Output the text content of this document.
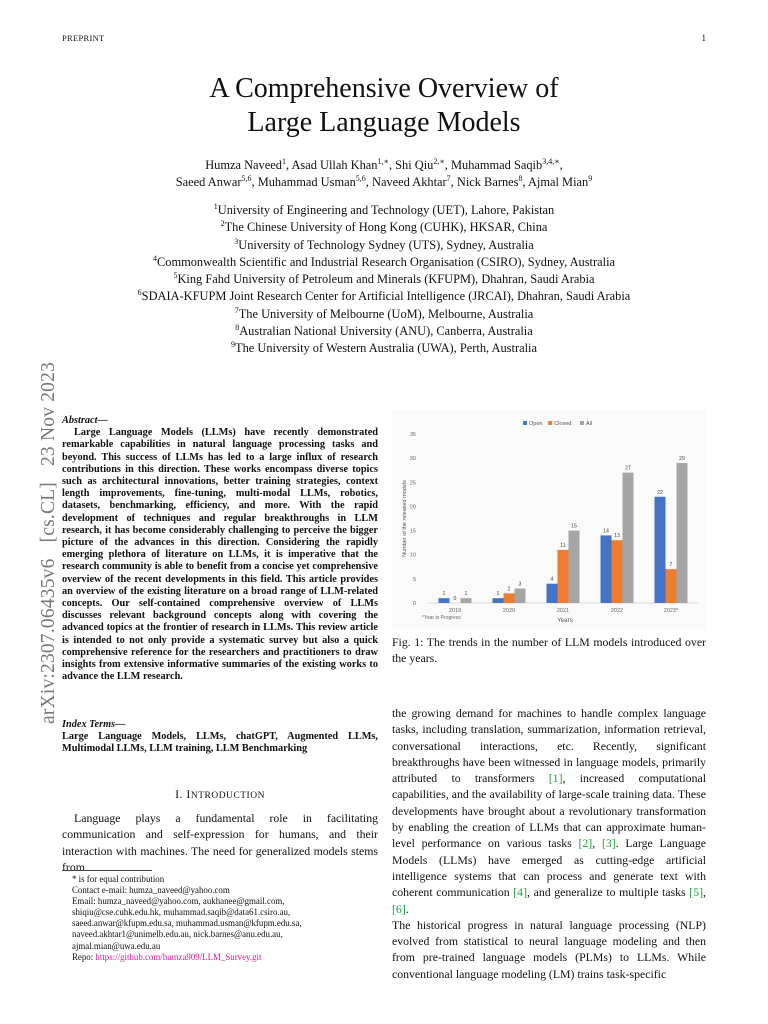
PREPRINT	1
arXiv:2307.06435v6[cs.CL]23 Nov 2023
A Comprehensive Overview of
Large Language Models
Humza Naveed$^1$, Asad Ullah Khan$^{1,∗}$, Shi Qiu$^{2,∗}$, Muhammad Saqib$^{3,4,∗}$,
Saeed Anwar$^{5,6}$, Muhammad Usman$^{5,6}$, Naveed Akhtar$^7$, Nick Barnes$^8$, Ajmal Mian$^9$
$^1$University of Engineering and Technology (UET), Lahore, Pakistan
$^2$The Chinese University of Hong Kong (CUHK), HKSAR, China
$^3$University of Technology Sydney (UTS), Sydney, Australia
$^4$Commonwealth Scientific and Industrial Research Organisation (CSIRO), Sydney, Australia
$^5$King Fahd University of Petroleum and Minerals (KFUPM), Dhahran, Saudi Arabia
$^6$SDAIA-KFUPM Joint Research Center for Artificial Intelligence (JRCAI), Dhahran, Saudi Arabia
$^7$The University of Melbourne (UoM), Melbourne, Australia
$^8$Australian National University (ANU), Canberra, Australia
$^9$The University of Western Australia (UWA), Perth, Australia
Abstract—
Large Language Models (LLMs) have recently demonstrated remarkable capabilities in natural language processing tasks and beyond. This success of LLMs has led to a large influx of research contributions in this direction. These works encompass diverse topics such as architectural innovations, better training strategies, context length improvements, fine-tuning, multi-modal LLMs, robotics, datasets, benchmarking, efficiency, and more. With the rapid development of techniques and regular breakthroughs in LLM research, it has become considerably challenging to perceive the bigger picture of the advances in this direction. Considering the rapidly emerging plethora of literature on LLMs, it is imperative that the research community is able to benefit from a concise yet comprehensive overview of the recent developments in this field. This article provides an overview of the existing literature on a broad range of LLM-related concepts. Our self-contained comprehensive overview of LLMs discusses relevant background concepts along with covering the advanced topics at the frontier of research in LLMs. This review article is intended to not only provide a systematic survey but also a quick comprehensive reference for the researchers and practitioners to draw insights from extensive informative summaries of the existing works to advance the LLM research.
Index Terms—
Large Language Models, LLMs, chatGPT, Augmented LLMs, Multimodal LLMs, LLM training, LLM Benchmarking
I. INTRODUCTION
Language plays a fundamental role in facilitating communication and self-expression for humans, and their interaction with machines. The need for generalized models stems from
* is for equal contribution
Contact e-mail: humza_naveed@yahoo.com
Email: humza_naveed@yahoo.com, aukhanee@gmail.com,
shiqiu@cse.cuhk.edu.hk, muhammad.saqib@data61.csiro.au,
saeed.anwar@kfupm.edu.sa, muhammad.usman@kfupm.edu.sa,
naveed.akhtar1@unimelb.edu.au, nick.barnes@anu.edu.au,
ajmal.mian@uwa.edu.au
Repo: https://github.com/humza909/LLM_Survey.git
0
5
10
15
20
25
30
35
1
0
1
2019
1
2
3
2020
4
11
15
2021
14
13
27
2022
22
7
29
2023*
Years
Number of the released models
*Year in Progress
Open Closed	All
Fig. 1: The trends in the number of LLM models introduced over the years.

the growing demand for machines to handle complex language tasks, including translation, summarization, information retrieval, conversational interactions, etc. Recently, significant breakthroughs have been witnessed in language models, primarily attributed to transformers [1], increased computational capabilities, and the availability of large-scale training data. These developments have brought about a revolutionary transformation by enabling the creation of LLMs that can approximate human-level performance on various tasks [2], [3]. Large Language Models (LLMs) have emerged as cutting-edge artificial intelligence systems that can process and generate text with coherent communication [4], and generalize to multiple tasks [5], [6].

The historical progress in natural language processing (NLP) evolved from statistical to neural language modeling and then from pre-trained language models (PLMs) to LLMs. While conventional language modeling (LM) trains task-specific
